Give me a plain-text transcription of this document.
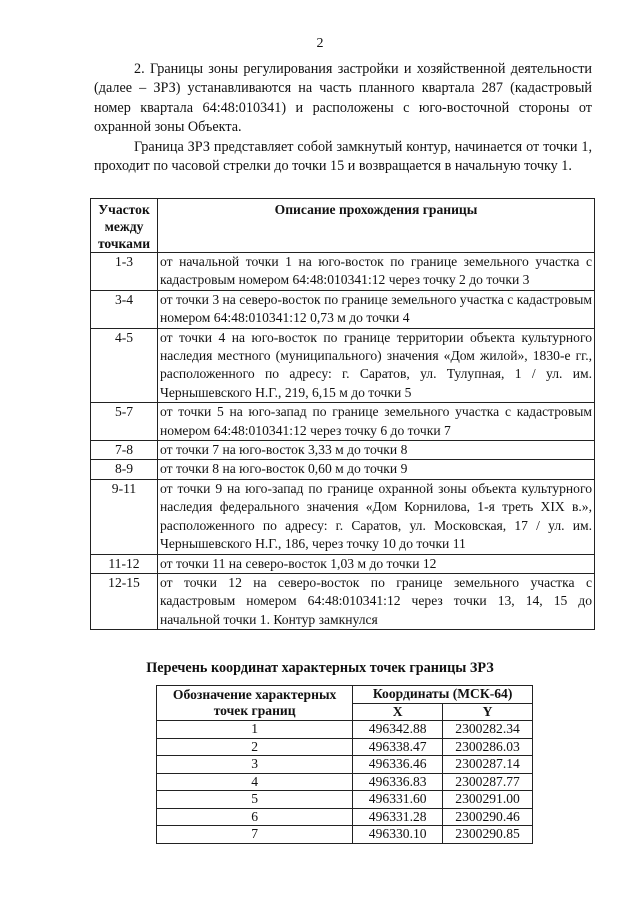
2

2. Границы зоны регулирования застройки и хозяйственной деятельности (далее – ЗРЗ) устанавливаются на часть планного квартала 287 (кадастровый номер квартала 64:48:010341) и расположены с юго-восточной стороны от охранной зоны Объекта.

Граница ЗРЗ представляет собой замкнутый контур, начинается от точки 1, проходит по часовой стрелки до точки 15 и возвращается в начальную точку 1.

Участок между точками	Описание прохождения границы
1-3	от начальной точки 1 на юго-восток по границе земельного участка с кадастровым номером 64:48:010341:12 через точку 2 до точки 3
3-4	от точки 3 на северо-восток по границе земельного участка с кадастровым номером 64:48:010341:12 0,73 м до точки 4
4-5	от точки 4 на юго-восток по границе территории объекта культурного наследия местного (муниципального) значения «Дом жилой», 1830-е гг., расположенного по адресу: г. Саратов, ул. Тулупная, 1 / ул. им. Чернышевского Н.Г., 219, 6,15 м до точки 5
5-7	от точки 5 на юго-запад по границе земельного участка с кадастровым номером 64:48:010341:12 через точку 6 до точки 7
7-8	от точки 7 на юго-восток 3,33 м до точки 8
8-9	от точки 8 на юго-восток 0,60 м до точки 9
9-11	от точки 9 на юго-запад по границе охранной зоны объекта культурного наследия федерального значения «Дом Корнилова, 1-я треть XIX в.», расположенного по адресу: г. Саратов, ул. Московская, 17 / ул. им. Чернышевского Н.Г., 186, через точку 10 до точки 11
11-12	от точки 11 на северо-восток 1,03 м до точки 12
12-15	от точки 12 на северо-восток по границе земельного участка с кадастровым номером 64:48:010341:12 через точки 13, 14, 15 до начальной точки 1. Контур замкнулся

Перечень координат характерных точек границы ЗРЗ

Обозначение характерных точек границ	Координаты (МСК-64)	
	X	Y
1	496342.88	2300282.34
2	496338.47	2300286.03
3	496336.46	2300287.14
4	496336.83	2300287.77
5	496331.60	2300291.00
6	496331.28	2300290.46
7	496330.10	2300290.85
